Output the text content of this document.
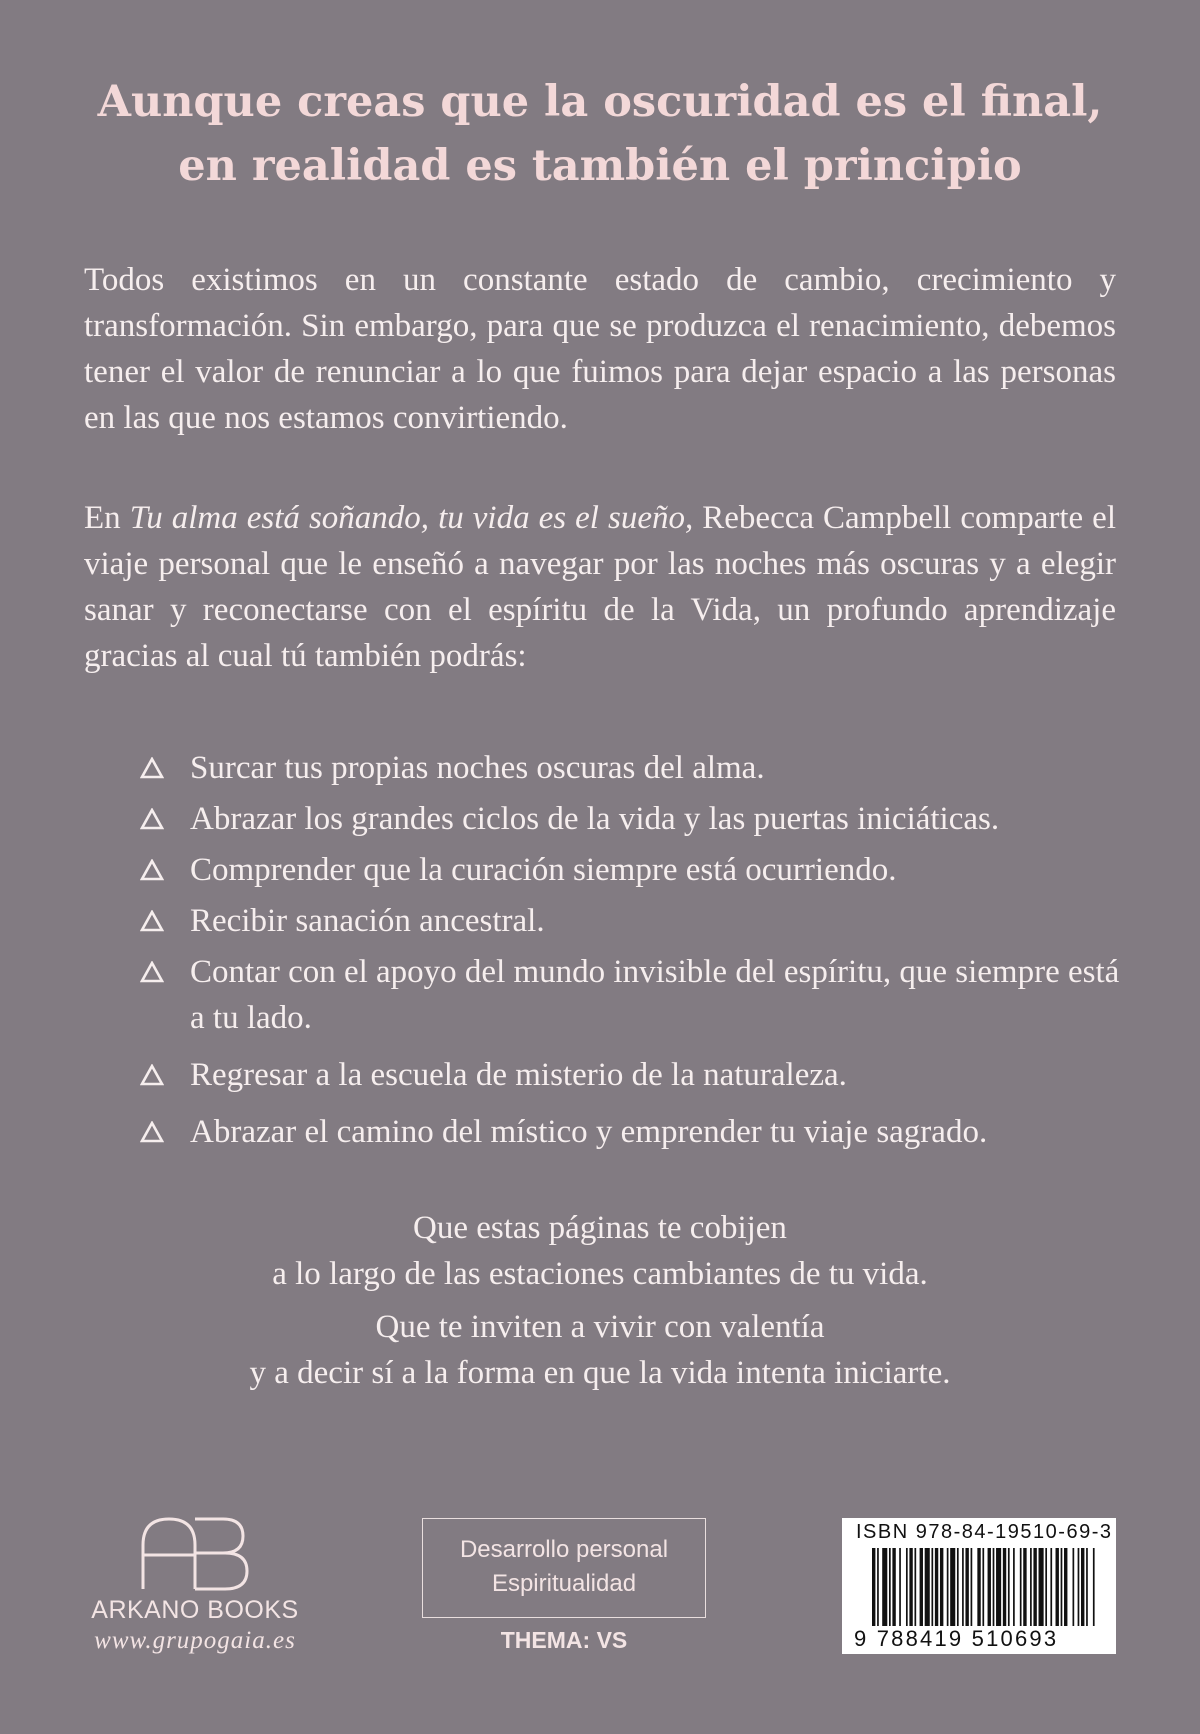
Aunque creas que la oscuridad es el final,
en realidad es también el principio

Todos existimos en un constante estado de cambio, crecimiento y transformación. Sin embargo, para que se produzca el renacimiento, debemos tener el valor de renunciar a lo que fuimos para dejar espacio a las personas en las que nos estamos convirtiendo.

En Tu alma está soñando, tu vida es el sueño, Rebecca Campbell comparte el viaje personal que le enseñó a navegar por las noches más oscuras y a elegir sanar y reconectarse con el espíritu de la Vida, un profundo aprendizaje gracias al cual tú también podrás:

Surcar tus propias noches oscuras del alma.
Abrazar los grandes ciclos de la vida y las puertas iniciáticas.
Comprender que la curación siempre está ocurriendo.
Recibir sanación ancestral.
Contar con el apoyo del mundo invisible del espíritu, que siempre está a tu lado.
Regresar a la escuela de misterio de la naturaleza.
Abrazar el camino del místico y emprender tu viaje sagrado.

Que estas páginas te cobijen
a lo largo de las estaciones cambiantes de tu vida.

Que te inviten a vivir con valentía
y a decir sí a la forma en que la vida intenta iniciarte.

ARKANO BOOKS
www.grupogaia.es
Desarrollo personal
Espiritualidad
THEMA: VS
ISBN 978-84-19510-69-3
9 788419 510693
